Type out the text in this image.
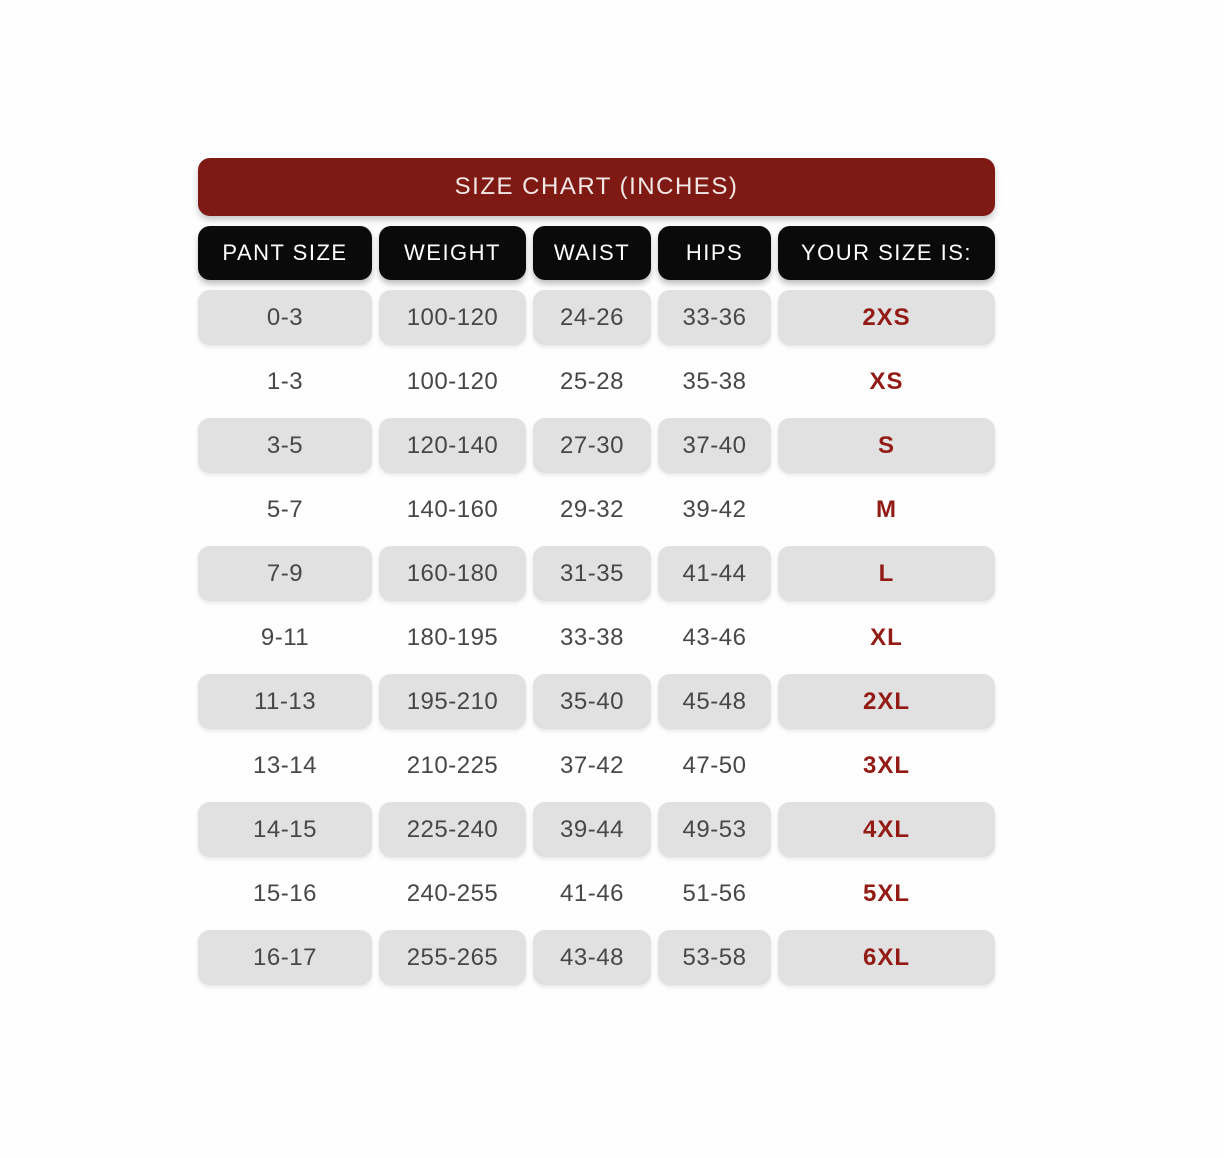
SIZE CHART (INCHES)
PANT SIZE	WEIGHT	WAIST	HIPS	YOUR SIZE IS:
0-3	100-120	24-26	33-36	2XS
1-3	100-120	25-28	35-38	XS
3-5	120-140	27-30	37-40	S
5-7	140-160	29-32	39-42	M
7-9	160-180	31-35	41-44	L
9-11	180-195	33-38	43-46	XL
11-13	195-210	35-40	45-48	2XL
13-14	210-225	37-42	47-50	3XL
14-15	225-240	39-44	49-53	4XL
15-16	240-255	41-46	51-56	5XL
16-17	255-265	43-48	53-58	6XL
